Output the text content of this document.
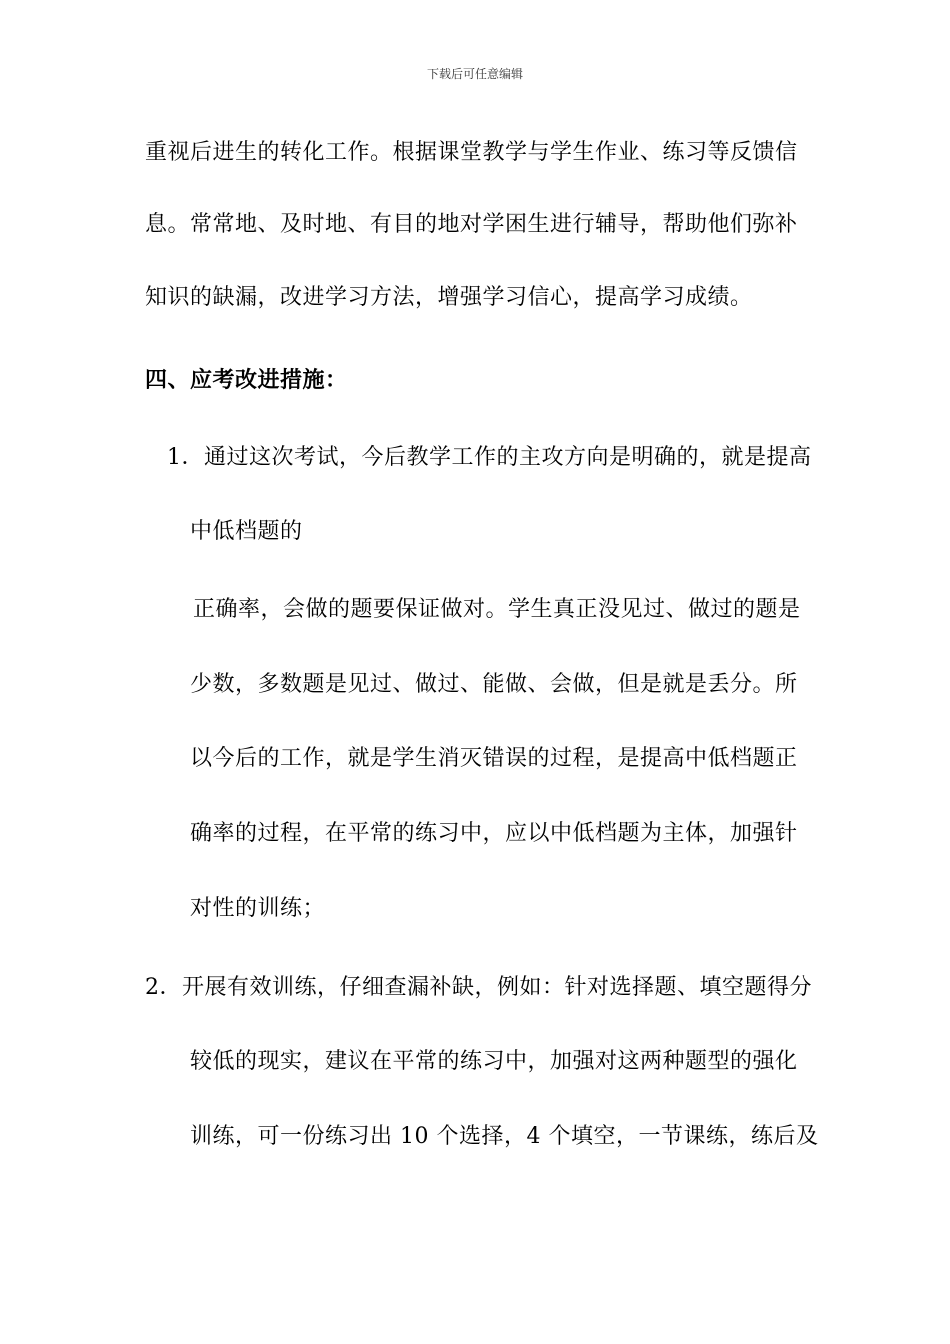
下载后可任意编辑
重视后进生的转化工作。根据课堂教学与学生作业、练习等反馈信
息。常常地、及时地、有目的地对学困生进行辅导，帮助他们弥补
知识的缺漏，改进学习方法，增强学习信心，提高学习成绩。
四、应考改进措施：
1．通过这次考试，今后教学工作的主攻方向是明确的，就是提高
中低档题的
正确率，会做的题要保证做对。学生真正没见过、做过的题是
少数，多数题是见过、做过、能做、会做，但是就是丢分。所
以今后的工作，就是学生消灭错误的过程，是提高中低档题正
确率的过程，在平常的练习中，应以中低档题为主体，加强针
对性的训练；
2．开展有效训练，仔细查漏补缺，例如：针对选择题、填空题得分
较低的现实，建议在平常的练习中，加强对这两种题型的强化
训练，可一份练习出 10 个选择，4 个填空，一节课练，练后及
